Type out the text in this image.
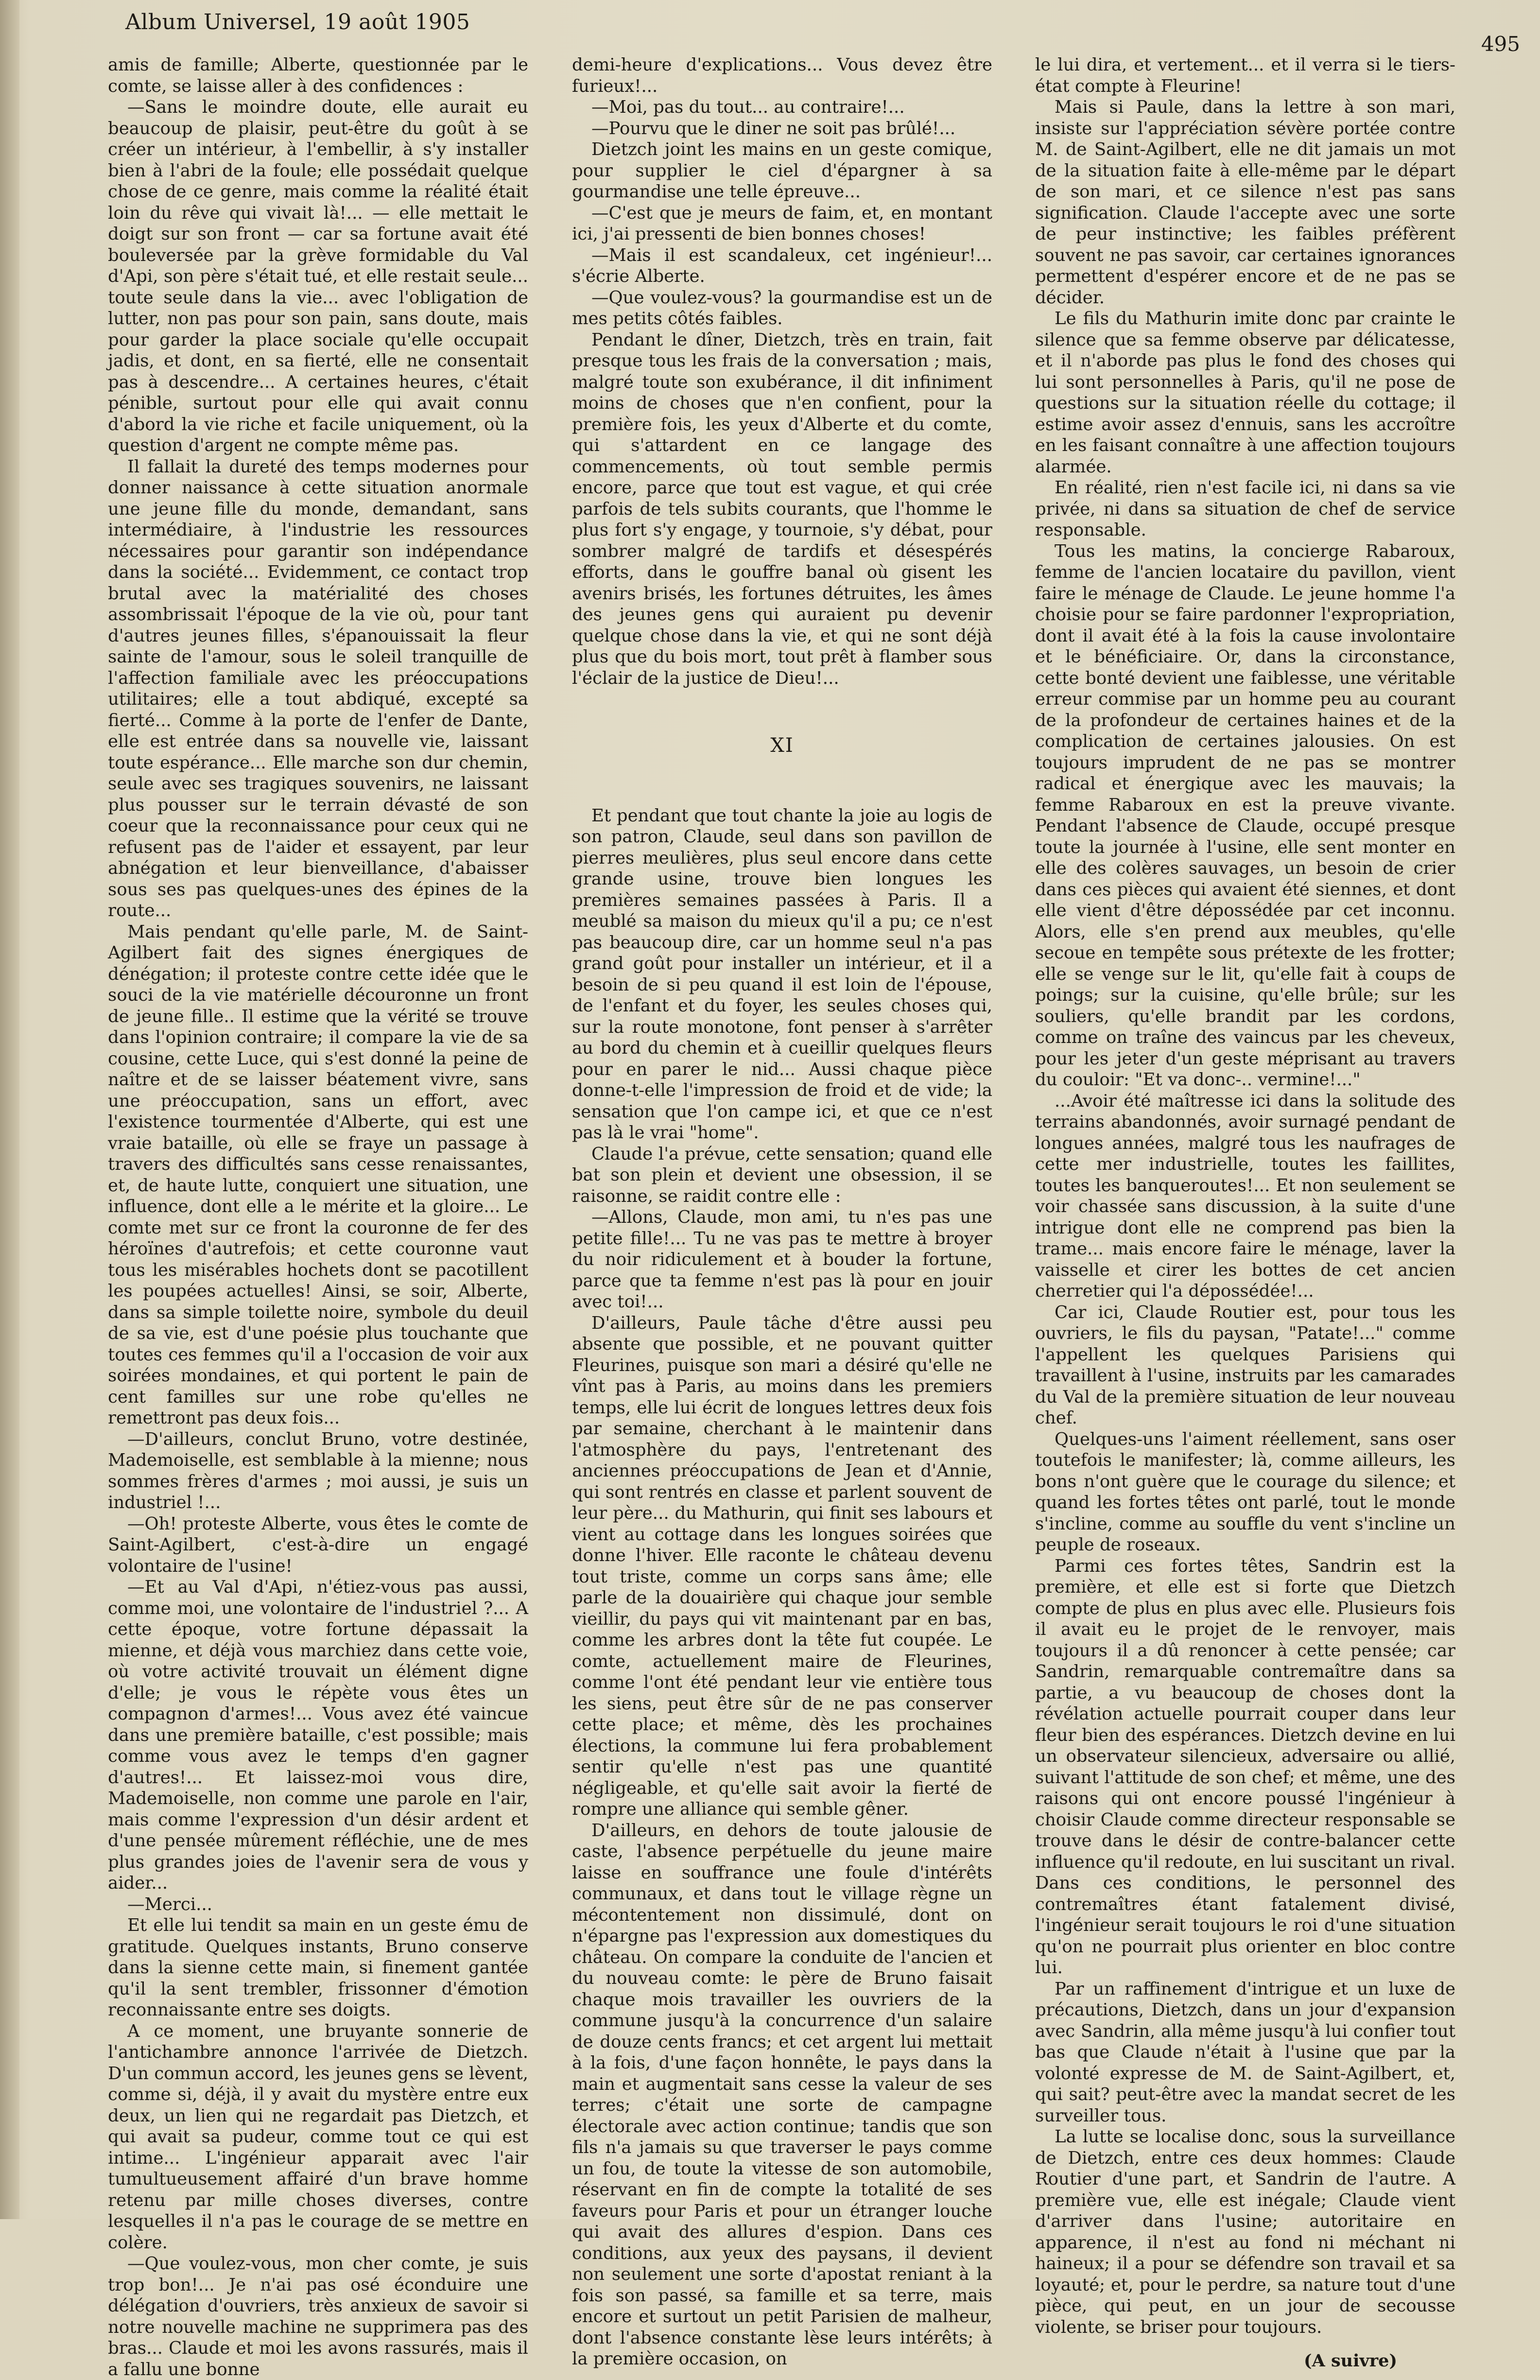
Album Universel, 19 août 1905
495

amis de famille; Alberte, questionnée par le comte, se laisse aller à des confidences :

—Sans le moindre doute, elle aurait eu beaucoup de plaisir, peut-être du goût à se créer un intérieur, à l'embellir, à s'y installer bien à l'abri de la foule; elle possédait quelque chose de ce genre, mais comme la réalité était loin du rêve qui vivait là!... — elle mettait le doigt sur son front — car sa fortune avait été bouleversée par la grève formidable du Val d'Api, son père s'était tué, et elle restait seule... toute seule dans la vie... avec l'obligation de lutter, non pas pour son pain, sans doute, mais pour garder la place sociale qu'elle occupait jadis, et dont, en sa fierté, elle ne consentait pas à descendre... A certaines heures, c'était pénible, surtout pour elle qui avait connu d'abord la vie riche et facile uniquement, où la question d'argent ne compte même pas.

Il fallait la dureté des temps modernes pour donner naissance à cette situation anormale une jeune fille du monde, demandant, sans intermédiaire, à l'industrie les ressources nécessaires pour garantir son indépendance dans la société... Evidemment, ce contact trop brutal avec la matérialité des choses assombrissait l'époque de la vie où, pour tant d'autres jeunes filles, s'épanouissait la fleur sainte de l'amour, sous le soleil tranquille de l'affection familiale avec les préoccupations utilitaires; elle a tout abdiqué, excepté sa fierté... Comme à la porte de l'enfer de Dante, elle est entrée dans sa nouvelle vie, laissant toute espérance... Elle marche son dur chemin, seule avec ses tragiques souvenirs, ne laissant plus pousser sur le terrain dévasté de son coeur que la reconnaissance pour ceux qui ne refusent pas de l'aider et essayent, par leur abnégation et leur bienveillance, d'abaisser sous ses pas quelques-unes des épines de la route...

Mais pendant qu'elle parle, M. de Saint-Agilbert fait des signes énergiques de dénégation; il proteste contre cette idée que le souci de la vie matérielle découronne un front de jeune fille.. Il estime que la vérité se trouve dans l'opinion contraire; il compare la vie de sa cousine, cette Luce, qui s'est donné la peine de naître et de se laisser béatement vivre, sans une préoccupation, sans un effort, avec l'existence tourmentée d'Alberte, qui est une vraie bataille, où elle se fraye un passage à travers des difficultés sans cesse renaissantes, et, de haute lutte, conquiert une situation, une influence, dont elle a le mérite et la gloire... Le comte met sur ce front la couronne de fer des héroïnes d'autrefois; et cette couronne vaut tous les misérables hochets dont se pacotillent les poupées actuelles! Ainsi, se soir, Alberte, dans sa simple toilette noire, symbole du deuil de sa vie, est d'une poésie plus touchante que toutes ces femmes qu'il a l'occasion de voir aux soirées mondaines, et qui portent le pain de cent familles sur une robe qu'elles ne remettront pas deux fois...

—D'ailleurs, conclut Bruno, votre destinée, Mademoiselle, est semblable à la mienne; nous sommes frères d'armes ; moi aussi, je suis un industriel !...

—Oh! proteste Alberte, vous êtes le comte de Saint-Agilbert, c'est-à-dire un engagé volontaire de l'usine!

—Et au Val d'Api, n'étiez-vous pas aussi, comme moi, une volontaire de l'industriel ?... A cette époque, votre fortune dépassait la mienne, et déjà vous marchiez dans cette voie, où votre activité trouvait un élément digne d'elle; je vous le répète vous êtes un compagnon d'armes!... Vous avez été vaincue dans une première bataille, c'est possible; mais comme vous avez le temps d'en gagner d'autres!... Et laissez-moi vous dire, Mademoiselle, non comme une parole en l'air, mais comme l'expression d'un désir ardent et d'une pensée mûrement réfléchie, une de mes plus grandes joies de l'avenir sera de vous y aider...

—Merci...

Et elle lui tendit sa main en un geste ému de gratitude. Quelques instants, Bruno conserve dans la sienne cette main, si finement gantée qu'il la sent trembler, frissonner d'émotion reconnaissante entre ses doigts.

A ce moment, une bruyante sonnerie de l'antichambre annonce l'arrivée de Dietzch. D'un commun accord, les jeunes gens se lèvent, comme si, déjà, il y avait du mystère entre eux deux, un lien qui ne regardait pas Dietzch, et qui avait sa pudeur, comme tout ce qui est intime... L'ingénieur apparait avec l'air tumultueusement affairé d'un brave homme retenu par mille choses diverses, contre lesquelles il n'a pas le courage de se mettre en colère.

—Que voulez-vous, mon cher comte, je suis trop bon!... Je n'ai pas osé éconduire une délégation d'ouvriers, très anxieux de savoir si notre nouvelle machine ne supprimera pas des bras... Claude et moi les avons rassurés, mais il a fallu une bonne

demi-heure d'explications... Vous devez être furieux!...

—Moi, pas du tout... au contraire!...

—Pourvu que le diner ne soit pas brûlé!...

Dietzch joint les mains en un geste comique, pour supplier le ciel d'épargner à sa gourmandise une telle épreuve...

—C'est que je meurs de faim, et, en montant ici, j'ai pressenti de bien bonnes choses!

—Mais il est scandaleux, cet ingénieur!... s'écrie Alberte.

—Que voulez-vous? la gourmandise est un de mes petits côtés faibles.

Pendant le dîner, Dietzch, très en train, fait presque tous les frais de la conversation ; mais, malgré toute son exubérance, il dit infiniment moins de choses que n'en confient, pour la première fois, les yeux d'Alberte et du comte, qui s'attardent en ce langage des commencements, où tout semble permis encore, parce que tout est vague, et qui crée parfois de tels subits courants, que l'homme le plus fort s'y engage, y tournoie, s'y débat, pour sombrer malgré de tardifs et désespérés efforts, dans le gouffre banal où gisent les avenirs brisés, les fortunes détruites, les âmes des jeunes gens qui auraient pu devenir quelque chose dans la vie, et qui ne sont déjà plus que du bois mort, tout prêt à flamber sous l'éclair de la justice de Dieu!...

XI

Et pendant que tout chante la joie au logis de son patron, Claude, seul dans son pavillon de pierres meulières, plus seul encore dans cette grande usine, trouve bien longues les premières semaines passées à Paris. Il a meublé sa maison du mieux qu'il a pu; ce n'est pas beaucoup dire, car un homme seul n'a pas grand goût pour installer un intérieur, et il a besoin de si peu quand il est loin de l'épouse, de l'enfant et du foyer, les seules choses qui, sur la route monotone, font penser à s'arrêter au bord du chemin et à cueillir quelques fleurs pour en parer le nid... Aussi chaque pièce donne-t-elle l'impression de froid et de vide; la sensation que l'on campe ici, et que ce n'est pas là le vrai "home".

Claude l'a prévue, cette sensation; quand elle bat son plein et devient une obsession, il se raisonne, se raidit contre elle :

—Allons, Claude, mon ami, tu n'es pas une petite fille!... Tu ne vas pas te mettre à broyer du noir ridiculement et à bouder la fortune, parce que ta femme n'est pas là pour en jouir avec toi!...

D'ailleurs, Paule tâche d'être aussi peu absente que possible, et ne pouvant quitter Fleurines, puisque son mari a désiré qu'elle ne vînt pas à Paris, au moins dans les premiers temps, elle lui écrit de longues lettres deux fois par semaine, cherchant à le maintenir dans l'atmosphère du pays, l'entretenant des anciennes préoccupations de Jean et d'Annie, qui sont rentrés en classe et parlent souvent de leur père... du Mathurin, qui finit ses labours et vient au cottage dans les longues soirées que donne l'hiver. Elle raconte le château devenu tout triste, comme un corps sans âme; elle parle de la douairière qui chaque jour semble vieillir, du pays qui vit maintenant par en bas, comme les arbres dont la tête fut coupée. Le comte, actuellement maire de Fleurines, comme l'ont été pendant leur vie entière tous les siens, peut être sûr de ne pas conserver cette place; et même, dès les prochaines élections, la commune lui fera probablement sentir qu'elle n'est pas une quantité négligeable, et qu'elle sait avoir la fierté de rompre une alliance qui semble gêner.

D'ailleurs, en dehors de toute jalousie de caste, l'absence perpétuelle du jeune maire laisse en souffrance une foule d'intérêts communaux, et dans tout le village règne un mécontentement non dissimulé, dont on n'épargne pas l'expression aux domestiques du château. On compare la conduite de l'ancien et du nouveau comte: le père de Bruno faisait chaque mois travailler les ouvriers de la commune jusqu'à la concurrence d'un salaire de douze cents francs; et cet argent lui mettait à la fois, d'une façon honnête, le pays dans la main et augmentait sans cesse la valeur de ses terres; c'était une sorte de campagne électorale avec action continue; tandis que son fils n'a jamais su que traverser le pays comme un fou, de toute la vitesse de son automobile, réservant en fin de compte la totalité de ses faveurs pour Paris et pour un étranger louche qui avait des allures d'espion. Dans ces conditions, aux yeux des paysans, il devient non seulement une sorte d'apostat reniant à la fois son passé, sa famille et sa terre, mais encore et surtout un petit Parisien de malheur, dont l'absence constante lèse leurs intérêts; à la première occasion, on

le lui dira, et vertement... et il verra si le tiers-état compte à Fleurine!

Mais si Paule, dans la lettre à son mari, insiste sur l'appréciation sévère portée contre M. de Saint-Agilbert, elle ne dit jamais un mot de la situation faite à elle-même par le départ de son mari, et ce silence n'est pas sans signification. Claude l'accepte avec une sorte de peur instinctive; les faibles préfèrent souvent ne pas savoir, car certaines ignorances permettent d'espérer encore et de ne pas se décider.

Le fils du Mathurin imite donc par crainte le silence que sa femme observe par délicatesse, et il n'aborde pas plus le fond des choses qui lui sont personnelles à Paris, qu'il ne pose de questions sur la situation réelle du cottage; il estime avoir assez d'ennuis, sans les accroître en les faisant connaître à une affection toujours alarmée.

En réalité, rien n'est facile ici, ni dans sa vie privée, ni dans sa situation de chef de service responsable.

Tous les matins, la concierge Rabaroux, femme de l'ancien locataire du pavillon, vient faire le ménage de Claude. Le jeune homme l'a choisie pour se faire pardonner l'expropriation, dont il avait été à la fois la cause involontaire et le bénéficiaire. Or, dans la circonstance, cette bonté devient une faiblesse, une véritable erreur commise par un homme peu au courant de la profondeur de certaines haines et de la complication de certaines jalousies. On est toujours imprudent de ne pas se montrer radical et énergique avec les mauvais; la femme Rabaroux en est la preuve vivante. Pendant l'absence de Claude, occupé presque toute la journée à l'usine, elle sent monter en elle des colères sauvages, un besoin de crier dans ces pièces qui avaient été siennes, et dont elle vient d'être dépossédée par cet inconnu. Alors, elle s'en prend aux meubles, qu'elle secoue en tempête sous prétexte de les frotter; elle se venge sur le lit, qu'elle fait à coups de poings; sur la cuisine, qu'elle brûle; sur les souliers, qu'elle brandit par les cordons, comme on traîne des vaincus par les cheveux, pour les jeter d'un geste méprisant au travers du couloir: "Et va donc-.. vermine!..."

...Avoir été maîtresse ici dans la solitude des terrains abandonnés, avoir surnagé pendant de longues années, malgré tous les naufrages de cette mer industrielle, toutes les faillites, toutes les banqueroutes!... Et non seulement se voir chassée sans discussion, à la suite d'une intrigue dont elle ne comprend pas bien la trame... mais encore faire le ménage, laver la vaisselle et cirer les bottes de cet ancien cherretier qui l'a dépossédée!...

Car ici, Claude Routier est, pour tous les ouvriers, le fils du paysan, "Patate!..." comme l'appellent les quelques Parisiens qui travaillent à l'usine, instruits par les camarades du Val de la première situation de leur nouveau chef.

Quelques-uns l'aiment réellement, sans oser toutefois le manifester; là, comme ailleurs, les bons n'ont guère que le courage du silence; et quand les fortes têtes ont parlé, tout le monde s'incline, comme au souffle du vent s'incline un peuple de roseaux.

Parmi ces fortes têtes, Sandrin est la première, et elle est si forte que Dietzch compte de plus en plus avec elle. Plusieurs fois il avait eu le projet de le renvoyer, mais toujours il a dû renoncer à cette pensée; car Sandrin, remarquable contremaître dans sa partie, a vu beaucoup de choses dont la révélation actuelle pourrait couper dans leur fleur bien des espérances. Dietzch devine en lui un observateur silencieux, adversaire ou allié, suivant l'attitude de son chef; et même, une des raisons qui ont encore poussé l'ingénieur à choisir Claude comme directeur responsable se trouve dans le désir de contre-balancer cette influence qu'il redoute, en lui suscitant un rival. Dans ces conditions, le personnel des contremaîtres étant fatalement divisé, l'ingénieur serait toujours le roi d'une situation qu'on ne pourrait plus orienter en bloc contre lui.

Par un raffinement d'intrigue et un luxe de précautions, Dietzch, dans un jour d'expansion avec Sandrin, alla même jusqu'à lui confier tout bas que Claude n'était à l'usine que par la volonté expresse de M. de Saint-Agilbert, et, qui sait? peut-être avec la mandat secret de les surveiller tous.

La lutte se localise donc, sous la surveillance de Dietzch, entre ces deux hommes: Claude Routier d'une part, et Sandrin de l'autre. A première vue, elle est inégale; Claude vient d'arriver dans l'usine; autoritaire en apparence, il n'est au fond ni méchant ni haineux; il a pour se défendre son travail et sa loyauté; et, pour le perdre, sa nature tout d'une pièce, qui peut, en un jour de secousse violente, se briser pour toujours.

(A suivre)
